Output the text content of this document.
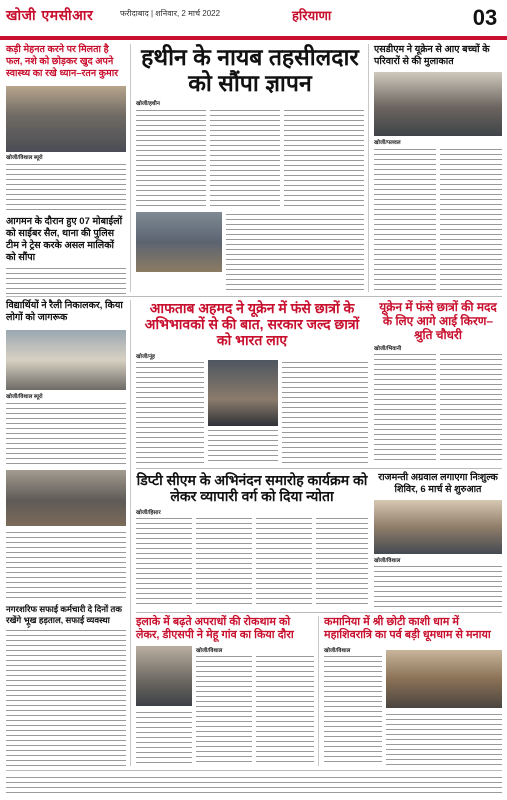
खोजी एमसीआर	फरीदाबाद | शनिवार, 2 मार्च 2022	हरियाणा	03
कड़ी मेहनत करने पर मिलता है फल, नशे को छोड़कर खुद अपने स्वास्थ्य का रखे ध्यान–रतन कुमार
खोजी/विशाल ब्यूरो
आगमन के दौरान हुए 07 मोबाईलों को साईबर सैल, थाना की पुलिस टीम ने ट्रेस करके असल मालिकों को सौंपा
हथीन के नायब तहसीलदार को सौंपा ज्ञापन
खोजी/हथीन
एसडीएम ने यूक्रेन से आए बच्चों के परिवारों से की मुलाकात
खोजी/पलवल
आफताब अहमद ने यूक्रेन में फंसे छात्रों के अभिभावकों से की बात, सरकार जल्द छात्रों को भारत लाए
खोजी/नूंह
यूक्रेन में फंसे छात्रों की मदद के लिए आगे आई किरण–श्रुति चौधरी
खोजी/भिवानी
विद्यार्थियों ने रैली निकालकर, किया लोगों को जागरूक
खोजी/विशाल ब्यूरो
डिप्टी सीएम के अभिनंदन समारोह कार्यक्रम को लेकर व्यापारी वर्ग को दिया न्योता
खोजी/हिसार
राजमन्ती अग्रवाल लगाएगा निःशुल्क शिविर, 6 मार्च से शुरुआत
खोजी/विशाल
नगरशरिफ सफाई कर्मचारी दे दिनों तक रखेंगे भूख हड़ताल, सफाई व्यवस्था	इलाके में बढ़ते अपराधों की रोकथाम को लेकर, डीएसपी ने मेहू गांव का किया दौरा
खोजी/विशाल
कमानिया में श्री छोटी काशी धाम में महाशिवरात्रि का पर्व बड़ी धूमधाम से मनाया
खोजी/विशाल
